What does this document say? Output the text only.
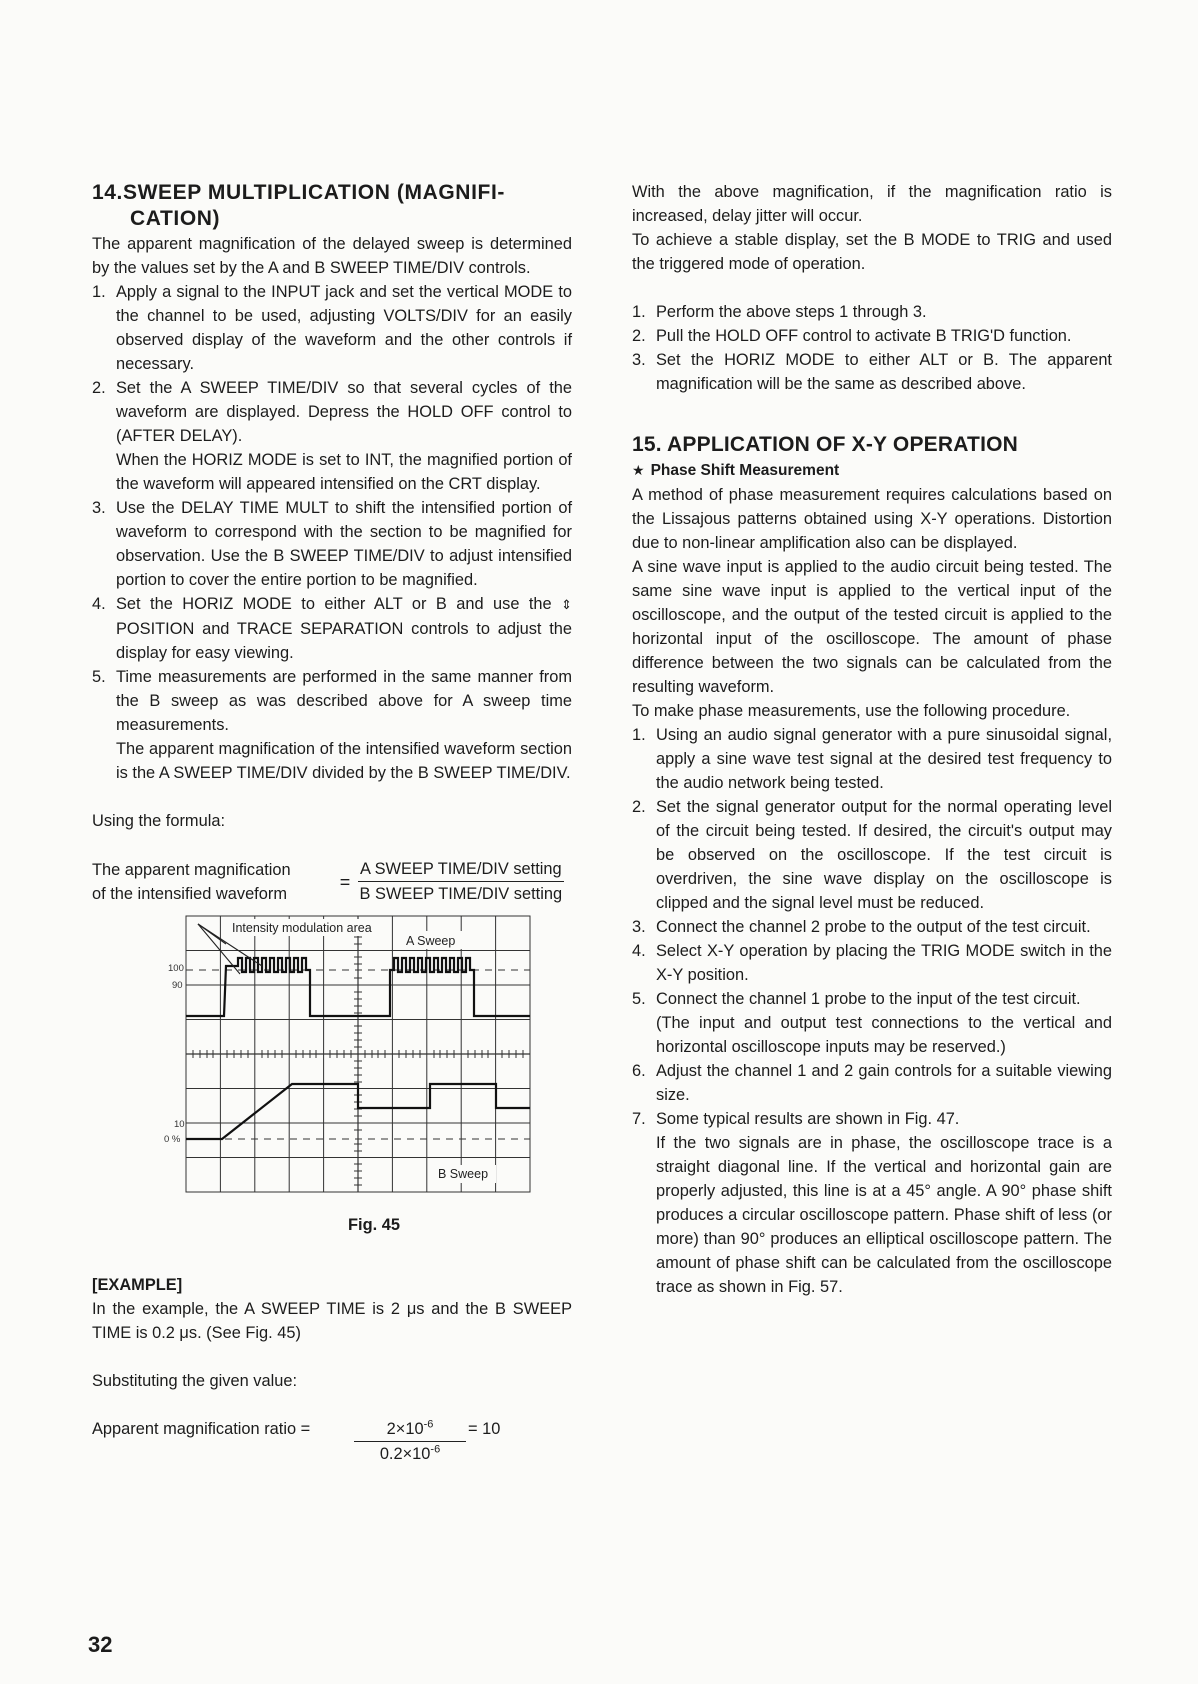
14.SWEEP MULTIPLICATION (MAGNIFI-
CATION)

The apparent magnification of the delayed sweep is determined by the values set by the A and B SWEEP TIME/DIV controls.

1. Apply a signal to the INPUT jack and set the vertical MODE to the channel to be used, adjusting VOLTS/DIV for an easily observed display of the waveform and the other controls if necessary.
2. Set the A SWEEP TIME/DIV so that several cycles of the waveform are displayed. Depress the HOLD OFF control to (AFTER DELAY).
When the HORIZ MODE is set to INT, the magnified portion of the waveform will appeared intensified on the CRT display.
3. Use the DELAY TIME MULT to shift the intensified portion of waveform to correspond with the section to be magnified for observation. Use the B SWEEP TIME/DIV to adjust intensified portion to cover the entire portion to be magnified.
4. Set the HORIZ MODE to either ALT or B and use the ⇕ POSITION and TRACE SEPARATION controls to adjust the display for easy viewing.
5. Time measurements are performed in the same manner from the B sweep as was described above for A sweep time measurements.
The apparent magnification of the intensified waveform section is the A SWEEP TIME/DIV divided by the B SWEEP TIME/DIV.

Using the formula:

The apparent magnification
of the intensified waveform
= $\frac{\text{A SWEEP TIME/DIV setting}}{\text{B SWEEP TIME/DIV setting}}$
Intensity modulation area
A Sweep
B Sweep
100
90
10
0 %
Fig. 45

[EXAMPLE]

In the example, the A SWEEP TIME is 2 μs and the B SWEEP TIME is 0.2 μs. (See Fig. 45)

Substituting the given value:

Apparent magnification ratio =	$\frac{2\times 10^{-6}}{0.2\times 10^{-6}} = 10$

With the above magnification, if the magnification ratio is increased, delay jitter will occur.

To achieve a stable display, set the B MODE to TRIG and used the triggered mode of operation.

1. Perform the above steps 1 through 3.
2. Pull the HOLD OFF control to activate B TRIG'D function.
3. Set the HORIZ MODE to either ALT or B. The apparent magnification will be the same as described above.
15. APPLICATION OF X-Y OPERATION

★ Phase Shift Measurement

A method of phase measurement requires calculations based on the Lissajous patterns obtained using X-Y operations. Distortion due to non-linear amplification also can be displayed.

A sine wave input is applied to the audio circuit being tested. The same sine wave input is applied to the vertical input of the oscilloscope, and the output of the tested circuit is applied to the horizontal input of the oscilloscope. The amount of phase difference between the two signals can be calculated from the resulting waveform.

To make phase measurements, use the following procedure.

1. Using an audio signal generator with a pure sinusoidal signal, apply a sine wave test signal at the desired test frequency to the audio network being tested.
2. Set the signal generator output for the normal operating level of the circuit being tested. If desired, the circuit's output may be observed on the oscilloscope. If the test circuit is overdriven, the sine wave display on the oscilloscope is clipped and the signal level must be reduced.
3. Connect the channel 2 probe to the output of the test circuit.
4. Select X-Y operation by placing the TRIG MODE switch in the X-Y position.
5. Connect the channel 1 probe to the input of the test circuit.
(The input and output test connections to the vertical and horizontal oscilloscope inputs may be reserved.)
6. Adjust the channel 1 and 2 gain controls for a suitable viewing size.
7. Some typical results are shown in Fig. 47.
If the two signals are in phase, the oscilloscope trace is a straight diagonal line. If the vertical and horizontal gain are properly adjusted, this line is at a 45° angle. A 90° phase shift produces a circular oscilloscope pattern. Phase shift of less (or more) than 90° produces an elliptical oscilloscope pattern. The amount of phase shift can be calculated from the oscilloscope trace as shown in Fig. 57.
32
